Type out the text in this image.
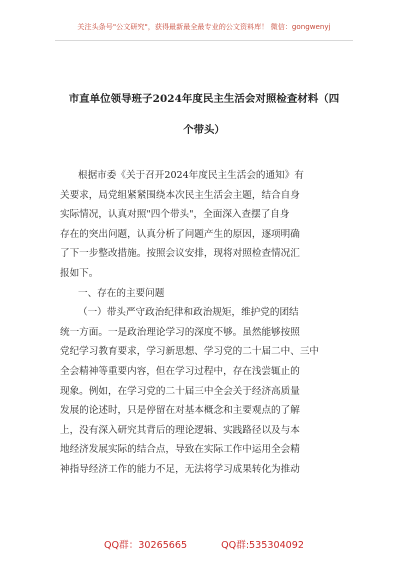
关注头条号"公文研究"，获得最新最全最专业的公文资料库！ 微信：gongwenyj
市直单位领导班子2024年度民主生活会对照检查材料（四
个带头）
根据市委《关于召开2024年度民主生活会的通知》有
关要求，局党组紧紧围绕本次民主生活会主题，结合自身
实际情况，认真对照"四个带头"，全面深入查摆了自身
存在的突出问题，认真分析了问题产生的原因，逐项明确
了下一步整改措施。按照会议安排，现将对照检查情况汇
报如下。
一、存在的主要问题
（一）带头严守政治纪律和政治规矩，维护党的团结
统一方面。一是政治理论学习的深度不够。虽然能够按照
党纪学习教育要求，学习新思想、学习党的二十届二中、三中
全会精神等重要内容，但在学习过程中，存在浅尝辄止的
现象。例如，在学习党的二十届三中全会关于经济高质量
发展的论述时，只是停留在对基本概念和主要观点的了解
上，没有深入研究其背后的理论逻辑、实践路径以及与本
地经济发展实际的结合点，导致在实际工作中运用全会精
神指导经济工作的能力不足，无法将学习成果转化为推动
QQ群：30265665	QQ群:535304092
